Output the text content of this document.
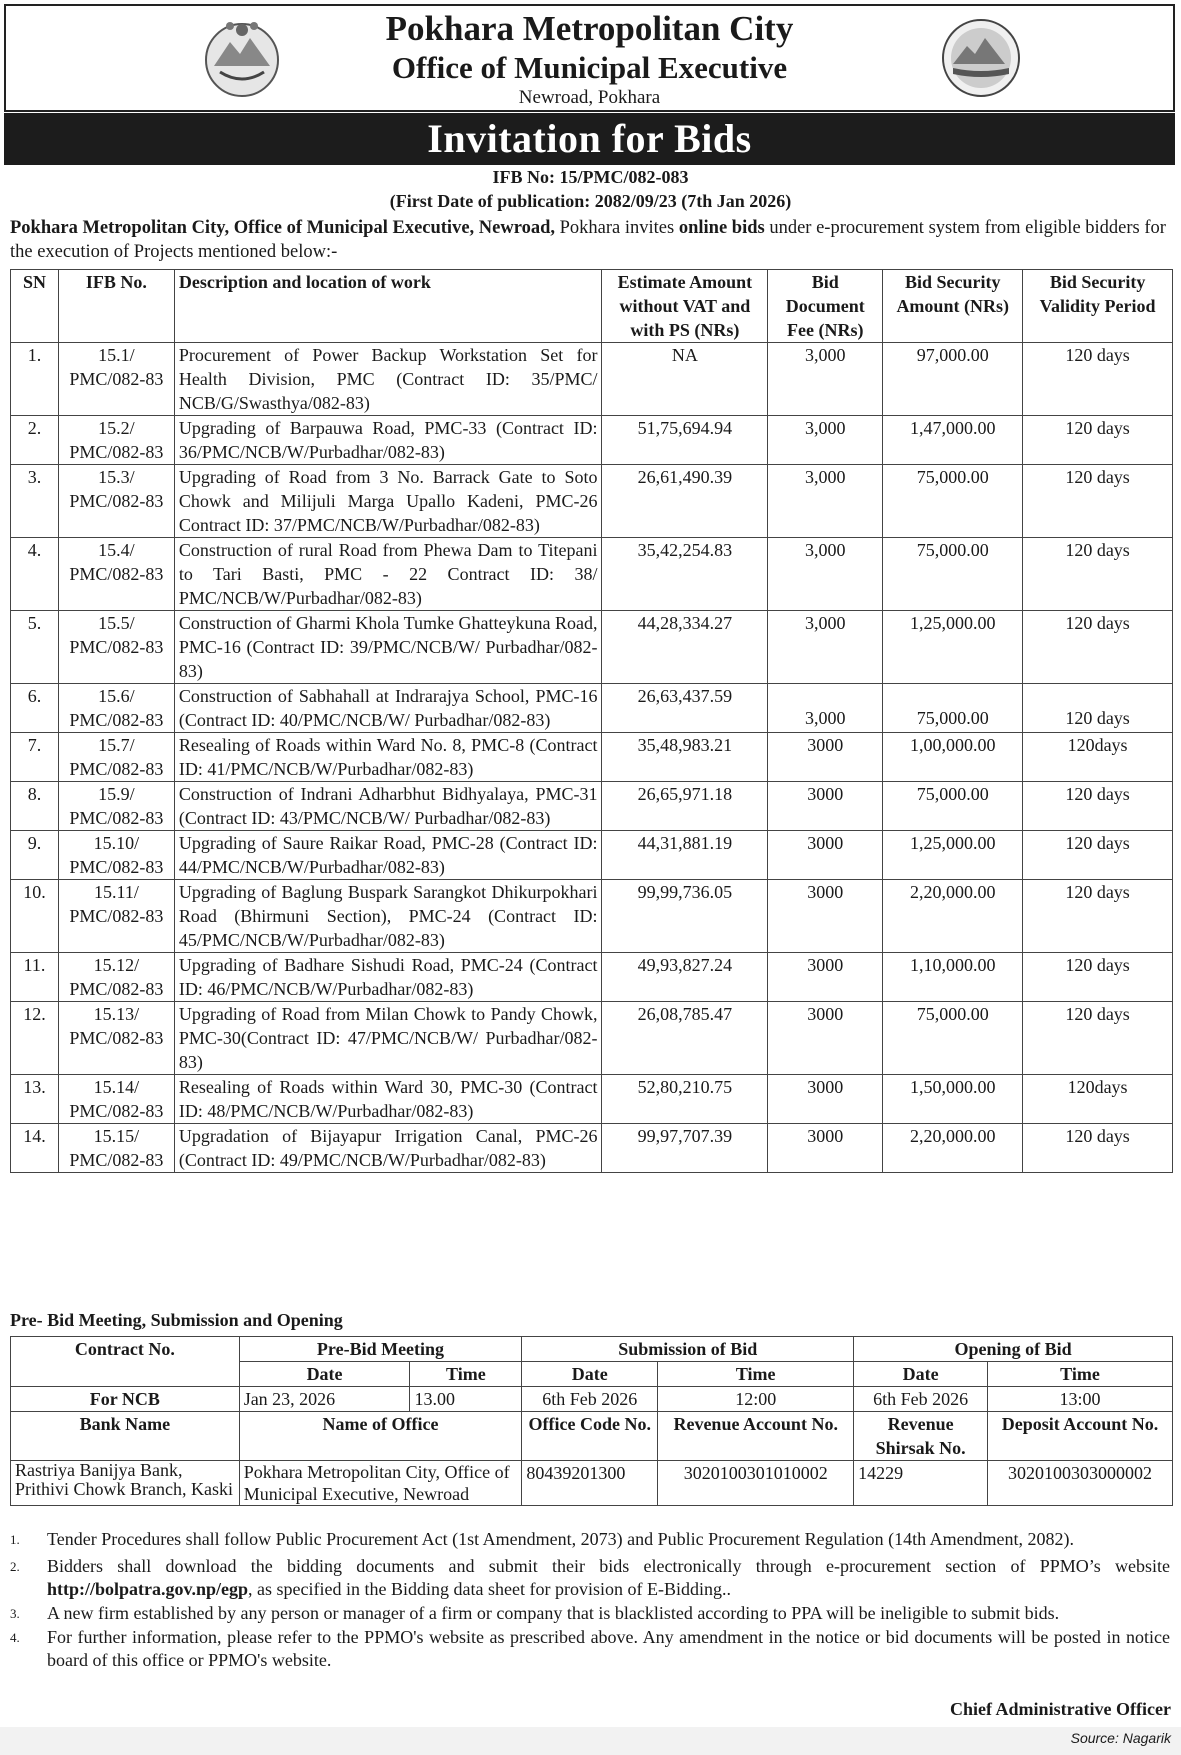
Pokhara Metropolitan City
Office of Municipal Executive
Newroad, Pokhara
Invitation for Bids
IFB No: 15/PMC/082-083
(First Date of publication: 2082/09/23 (7th Jan 2026)
Pokhara Metropolitan City, Office of Municipal Executive, Newroad, Pokhara invites online bids under e-procurement system from eligible bidders for the execution of Projects mentioned below:-
SN	IFB No.	Description and location of work	Estimate Amount without VAT and with PS (NRs)	Bid Document Fee (NRs)	Bid Security Amount (NRs)	Bid Security Validity Period
1.	15.1/ PMC/082-83	Procurement of Power Backup Workstation Set for Health Division, PMC (Contract ID: 35/PMC/ NCB/G/Swasthya/082-83)	NA	3,000	97,000.00	120 days
2.	15.2/ PMC/082-83	Upgrading of Barpauwa Road, PMC-33 (Contract ID: 36/PMC/NCB/W/Purbadhar/082-83)	51,75,694.94	3,000	1,47,000.00	120 days
3.	15.3/ PMC/082-83	Upgrading of Road from 3 No. Barrack Gate to Soto Chowk and Milijuli Marga Upallo Kadeni, PMC-26 Contract ID: 37/PMC/NCB/W/Purbadhar/082-83)	26,61,490.39	3,000	75,000.00	120 days
4.	15.4/ PMC/082-83	Construction of rural Road from Phewa Dam to Titepani to Tari Basti, PMC - 22 Contract ID: 38/ PMC/NCB/W/Purbadhar/082-83)	35,42,254.83	3,000	75,000.00	120 days
5.	15.5/ PMC/082-83	Construction of Gharmi Khola Tumke Ghatteykuna Road, PMC-16 (Contract ID: 39/PMC/NCB/W/ Purbadhar/082-83)	44,28,334.27	3,000	1,25,000.00	120 days
6.	15.6/ PMC/082-83	Construction of Sabhahall at Indrarajya School, PMC-16 (Contract ID: 40/PMC/NCB/W/ Purbadhar/082-83)	26,63,437.59	3,000	75,000.00	120 days
7.	15.7/ PMC/082-83	Resealing of Roads within Ward No. 8, PMC-8 (Contract ID: 41/PMC/NCB/W/Purbadhar/082-83)	35,48,983.21	3000	1,00,000.00	120days
8.	15.9/ PMC/082-83	Construction of Indrani Adharbhut Bidhyalaya, PMC-31 (Contract ID: 43/PMC/NCB/W/ Purbadhar/082-83)	26,65,971.18	3000	75,000.00	120 days
9.	15.10/ PMC/082-83	Upgrading of Saure Raikar Road, PMC-28 (Contract ID: 44/PMC/NCB/W/Purbadhar/082-83)	44,31,881.19	3000	1,25,000.00	120 days
10.	15.11/ PMC/082-83	Upgrading of Baglung Buspark Sarangkot Dhikurpokhari Road (Bhirmuni Section), PMC-24 (Contract ID: 45/PMC/NCB/W/Purbadhar/082-83)	99,99,736.05	3000	2,20,000.00	120 days
11.	15.12/ PMC/082-83	Upgrading of Badhare Sishudi Road, PMC-24 (Contract ID: 46/PMC/NCB/W/Purbadhar/082-83)	49,93,827.24	3000	1,10,000.00	120 days
12.	15.13/ PMC/082-83	Upgrading of Road from Milan Chowk to Pandy Chowk, PMC-30(Contract ID: 47/PMC/NCB/W/ Purbadhar/082-83)	26,08,785.47	3000	75,000.00	120 days
13.	15.14/ PMC/082-83	Resealing of Roads within Ward 30, PMC-30 (Contract ID: 48/PMC/NCB/W/Purbadhar/082-83)	52,80,210.75	3000	1,50,000.00	120days
14.	15.15/ PMC/082-83	Upgradation of Bijayapur Irrigation Canal, PMC-26 (Contract ID: 49/PMC/NCB/W/Purbadhar/082-83)	99,97,707.39	3000	2,20,000.00	120 days
Pre- Bid Meeting, Submission and Opening
Contract No.	Pre-Bid Meeting		Submission of Bid		Opening of Bid	
	Date	Time	Date	Time	Date	Time
For NCB	Jan 23, 2026	13.00	6th Feb 2026	12:00	6th Feb 2026	13:00
Bank Name	Name of Office		Office Code No.	Revenue Account No.	Revenue Shirsak No.	Deposit Account No.
Rastriya Banijya Bank, Prithivi Chowk Branch, Kaski	Pokhara Metropolitan City, Office of Municipal Executive, Newroad		80439201300	3020100301010002	14229	3020100303000002
1. Tender Procedures shall follow Public Procurement Act (1st Amendment, 2073) and Public Procurement Regulation (14th Amendment, 2082).
2. Bidders shall download the bidding documents and submit their bids electronically through e-procurement section of PPMO’s website http://bolpatra.gov.np/egp, as specified in the Bidding data sheet for provision of E-Bidding..
3. A new firm established by any person or manager of a firm or company that is blacklisted according to PPA will be ineligible to submit bids.
4. For further information, please refer to the PPMO's website as prescribed above. Any amendment in the notice or bid documents will be posted in notice board of this office or PPMO's website.
Chief Administrative Officer
Source: Nagarik
